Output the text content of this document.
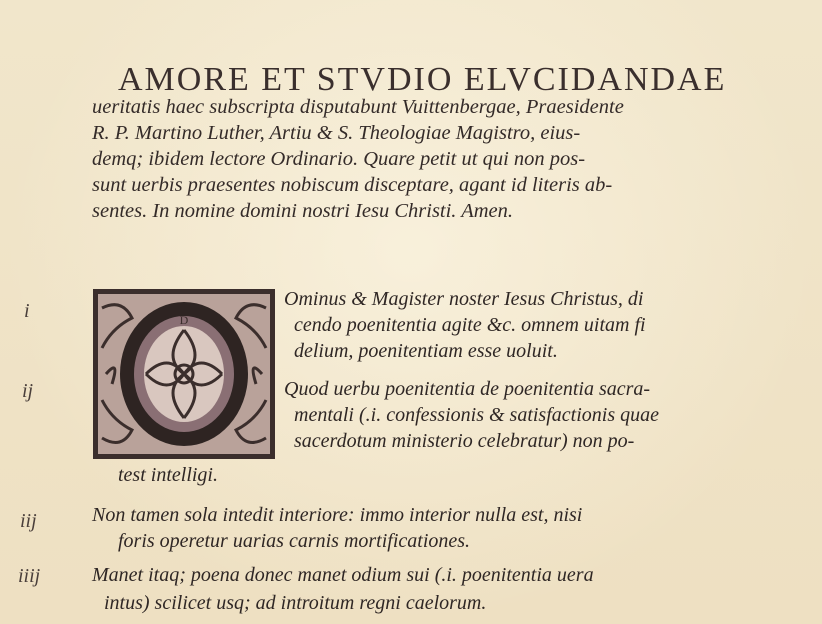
AMORE ET STVDIO ELVCIDANDAE
ueritatis haec subscripta disputabunt Vuittenbergae, Praesidente
R. P. Martino Luther, Artiu & S. Theologiae Magistro, eius-
demq; ibidem lectore Ordinario. Quare petit ut qui non pos-
sunt uerbis praesentes nobiscum disceptare, agant id literis ab-
sentes. In nomine domini nostri Iesu Christi. Amen.
i
ij
iij
iiij
D
Ominus & Magister noster Iesus Christus, di
cendo poenitentia agite &c. omnem uitam fi
delium, poenitentiam esse uoluit.
Quod uerbu poenitentia de poenitentia sacra-
mentali (.i. confessionis & satisfactionis quae
sacerdotum ministerio celebratur) non po-
test intelligi.
Non tamen sola intedit interiore: immo interior nulla est, nisi
foris operetur uarias carnis mortificationes.
Manet itaq; poena donec manet odium sui (.i. poenitentia uera
intus) scilicet usq; ad introitum regni caelorum.
